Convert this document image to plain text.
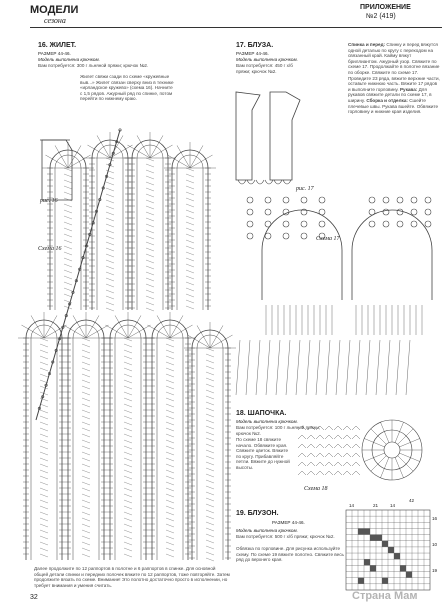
МОДЕЛИ
сезона
ПРИЛОЖЕНИЕ
№2 (419)
16. ЖИЛЕТ.
РАЗМЕР 44-46.
Модель выполнена крючком.
Вам потребуется: 300 г льняной пряжи; крючок №2.
Жилет свяжи сзади по схеме «кружевные выв...» Жилет связан сверху вниз в технике «ирландское кружево» (схема 16). Начните с 1,5 рядов. Ажурный ряд по спинке, потом перейти по нижнему краю.
рис. 16
Схема 16
17. БЛУЗА.
РАЗМЕР 44-46.
Модель выполнена крючком.
Вам потребуется: 450 г х/б пряжи; крючок №2.
рис. 17
Схема 17
Спинка и перед: Спинку и перед вяжутся одной деталью по кругу с переходом на связанный край. Кайму вяжут бриллиантом. Ажурный узор. Свяжите по схеме 17. Продолжайте в полотне вязание по оборке. Свяжите по схеме 17. Проведите 23 ряда, вяжите верхние части, оставьте нижнюю часть. Вяжите 17 рядов и выполните горловину. Рукава: Для рукавов свяжите детали по схеме 17, в ширину. Сборка и отделка: Сшейте плечевые швы. Рукава вшейте. Обвяжите горловину и нижние края изделия.
18. ШАПОЧКА.
Модель выполнена крючком.
Вам потребуется: 100 г льняной пряжи; крючок №2.
По схеме 18 свяжите начало. Обвяжите края. Свяжите цветок. Вяжите по кругу. Прибавляйте петли. Вяжите до нужной высоты.
Схема 18
19. БЛУЗОН.
РАЗМЕР 44-46.
Модель выполнена крючком.
Вам потребуется: 500 г х/б пряжи; крючок №2.
Обвязка по горловине. Для рисунка используйте схему. По схеме 19 вяжите полотно. Свяжите весь ряд до верхнего края.
Далее продолжите по 12 раппортов в полотне и 6 раппортов в спинке. Для основной общей детали спинки и передних полочек вяжите по 12 раппортов, тоже повторяйте. Затем продолжите вязать по схеме. Внимание! Это полотно достаточно просто в исполнении, но требует внимания и умения считать.
14	21	14
42
16
10
19
32	Страна Мам
